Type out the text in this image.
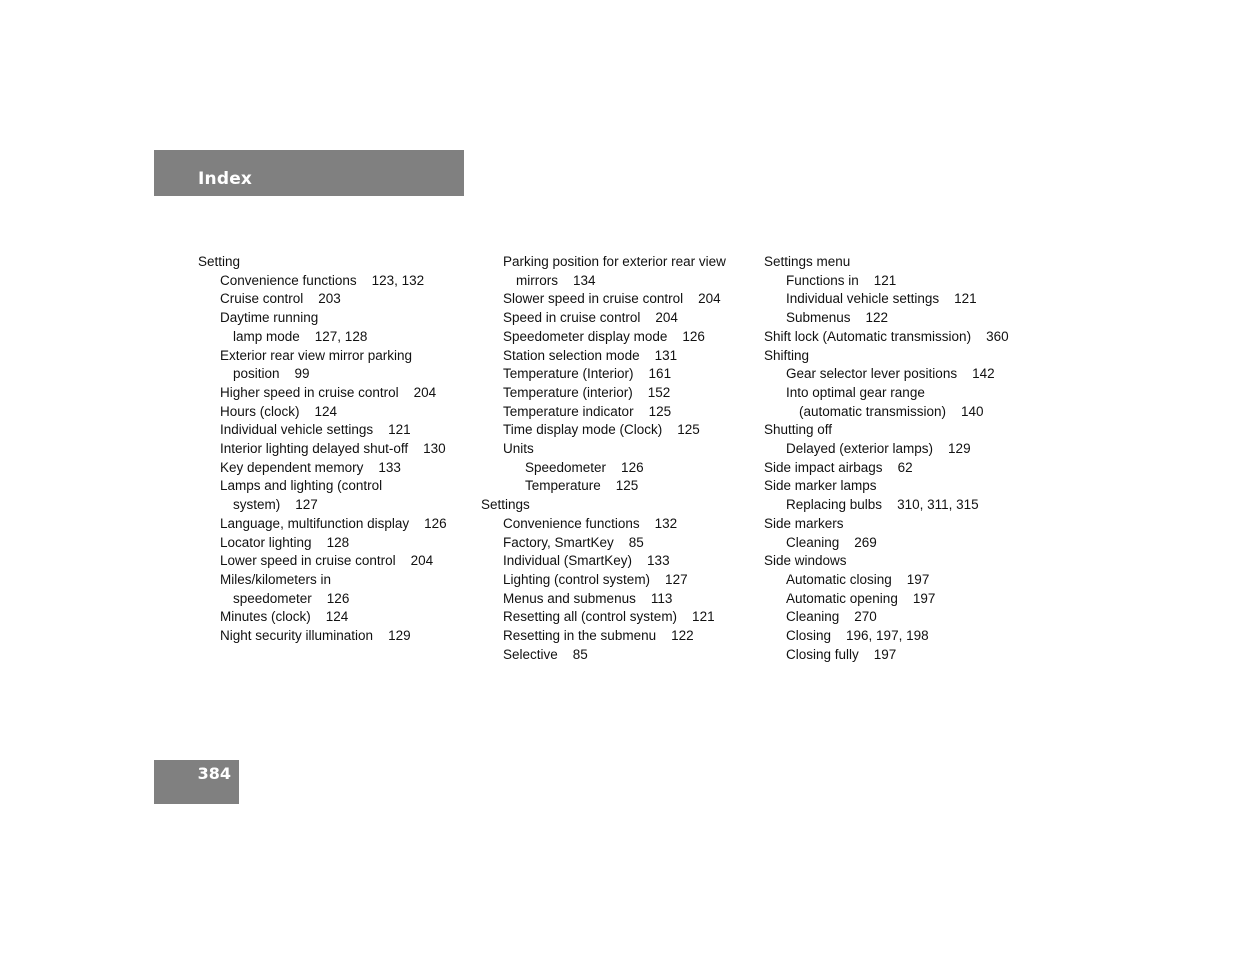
Index
Setting
Convenience functions    123, 132
Cruise control    203
Daytime running
lamp mode    127, 128
Exterior rear view mirror parking
position    99
Higher speed in cruise control    204
Hours (clock)    124
Individual vehicle settings    121
Interior lighting delayed shut-off    130
Key dependent memory    133
Lamps and lighting (control
system)    127
Language, multifunction display    126
Locator lighting    128
Lower speed in cruise control    204
Miles/kilometers in
speedometer    126
Minutes (clock)    124
Night security illumination    129
Parking position for exterior rear view
mirrors    134
Slower speed in cruise control    204
Speed in cruise control    204
Speedometer display mode    126
Station selection mode    131
Temperature (Interior)    161
Temperature (interior)    152
Temperature indicator    125
Time display mode (Clock)    125
Units
Speedometer    126
Temperature    125
Settings
Convenience functions    132
Factory, SmartKey    85
Individual (SmartKey)    133
Lighting (control system)    127
Menus and submenus    113
Resetting all (control system)    121
Resetting in the submenu    122
Selective    85
Settings menu
Functions in    121
Individual vehicle settings    121
Submenus    122
Shift lock (Automatic transmission)    360
Shifting
Gear selector lever positions    142
Into optimal gear range
(automatic transmission)    140
Shutting off
Delayed (exterior lamps)    129
Side impact airbags    62
Side marker lamps
Replacing bulbs    310, 311, 315
Side markers
Cleaning    269
Side windows
Automatic closing    197
Automatic opening    197
Cleaning    270
Closing    196, 197, 198
Closing fully    197
384
